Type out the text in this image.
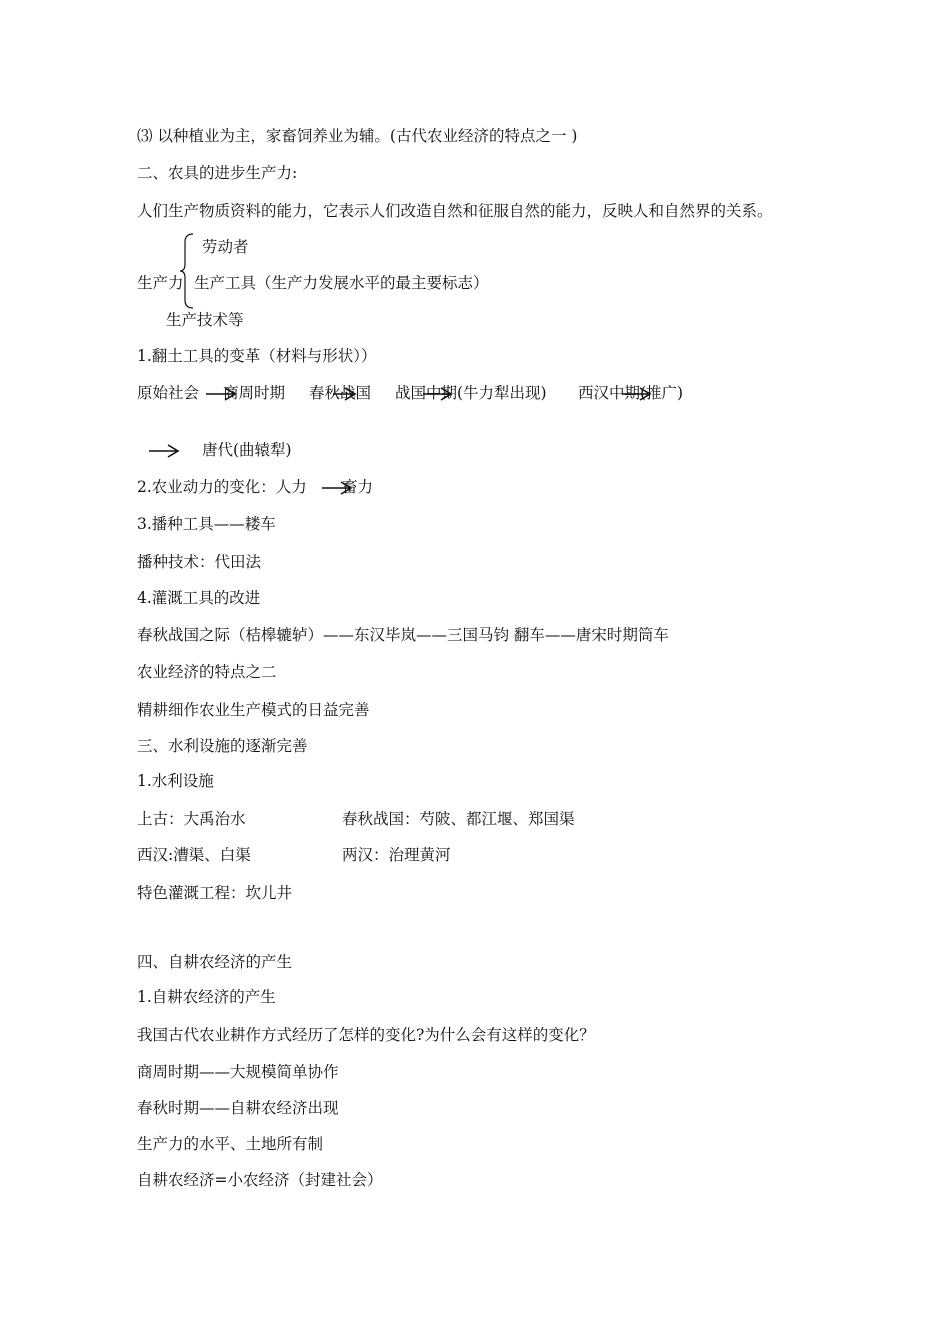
⑶ 以种植业为主，家畜饲养业为辅。(古代农业经济的特点之一 )
二、农具的进步生产力:
人们生产物质资料的能力，它表示人们改造自然和征服自然的能力，反映人和自然界的关系。
劳动者
生产力 生产工具（生产力发展水平的最主要标志）
生产技术等
1.翻土工具的变革（材料与形状））
原始社会 商周时期 春秋战国 战国中期(牛力犁出现) 西汉中期(推广)
唐代(曲辕犁)
2.农业动力的变化：人力 畜力
3.播种工具——耧车
播种技术：代田法
4.灌溉工具的改进
春秋战国之际（桔槔辘轳）——东汉毕岚——三国马钧 翻车——唐宋时期筒车
农业经济的特点之二
精耕细作农业生产模式的日益完善
三、水利设施的逐渐完善
1.水利设施
上古：大禹治水	春秋战国：芍陂、都江堰、郑国渠
西汉:漕渠、白渠	两汉：治理黄河
特色灌溉工程：坎儿井
四、自耕农经济的产生
1.自耕农经济的产生
我国古代农业耕作方式经历了怎样的变化?为什么会有这样的变化？
商周时期——大规模简单协作
春秋时期——自耕农经济出现
生产力的水平、土地所有制
自耕农经济=小农经济（封建社会）
